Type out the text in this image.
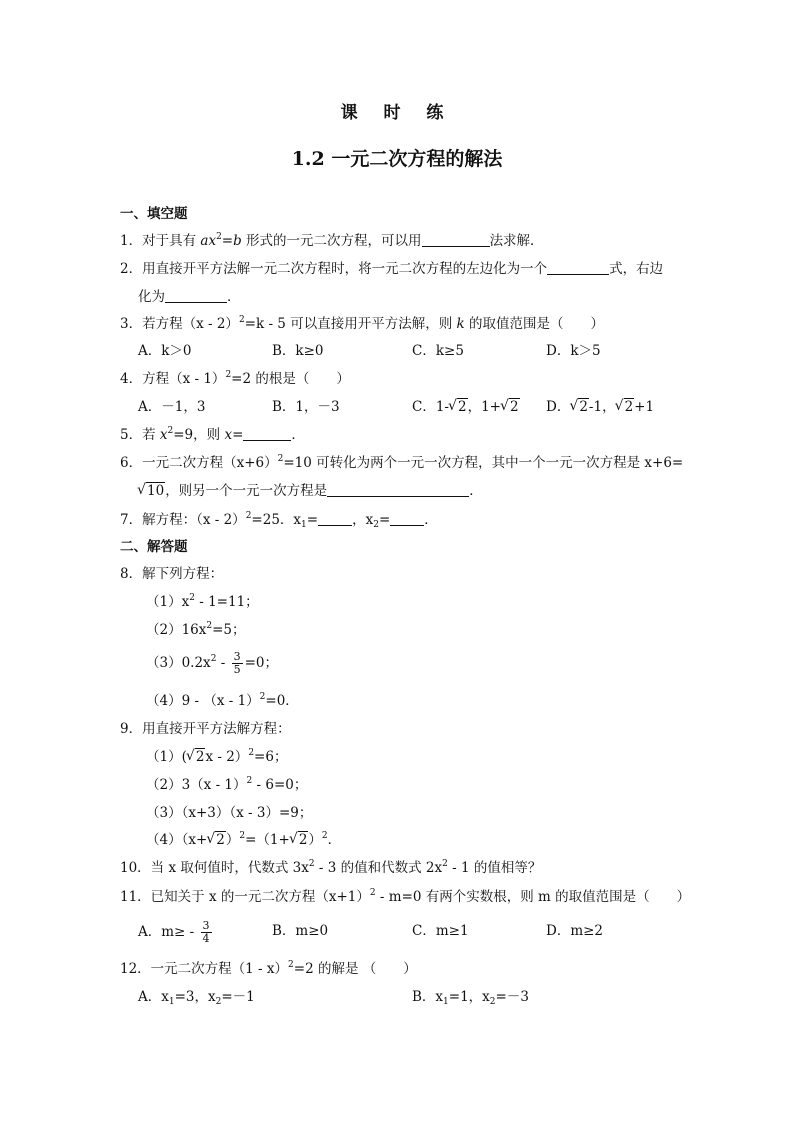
课 时 练
1.2 一元二次方程的解法
一、填空题
1．对于具有 $ax^2=b$ 形式的一元二次方程，可以用	法求解．
2．用直接开平方法解一元二次方程时，将一元二次方程的左边化为一个	式，右边
化为	．
3．若方程（x - 2）$^2$=k - 5 可以直接用开平方法解，则 k 的取值范围是（　　）
A．k＞0	B．k≥0	C．k≥5	D．k＞5
4．方程（x - 1）$^2$=2 的根是（　　）
A．－1，3	B．1，－3	C．1- √ 2，1+ √ 2 D． √ 2-1， √ 2+1
5．若 $x^2=9$，则 x=	．
6．一元二次方程$(x+6)^2=10$ 可转化为两个一元一次方程，其中一个一元一次方程是 x+6=
√ 10，则另一个一元一次方程是	．
7．解方程：（x - 2）$^2$=25．$x_1=$	，$x_2=$	．
二、解答题
8．解下列方程：
$(1)x^2 - 1=11$；
$(2)16x^2=5$；
$(3)0.2x^2 - \frac{3}{5} =0$；
（4）9 - （x - 1）$^2$=0．
9．用直接开平方法解方程：
（1）( √ 2x - 2）$^2$=6；
（2）3（x - 1）$^2$ - 6=0；
（3）（x+3）（x - 3）=9；
（4）（x+ √ 2）$^2$=（1+ √ 2）$^2$．
10．当 x 取何值时，代数式 $3x^2 - 3$ 的值和代数式 $2x^2 - 1$ 的值相等？
11．已知关于 x 的一元二次方程$(x+1)^2 - m=0$ 有两个实数根，则 m 的取值范围是（　　）
A．$m\ge - \frac{3}{4}$	B．m≥0	C．m≥1	D．m≥2
12．一元二次方程（1 - x）$^2$=2 的解是 （　　）
A．$x_1=3$，$x_2=-1$	B．$x_1=1$，$x_2=-3$
